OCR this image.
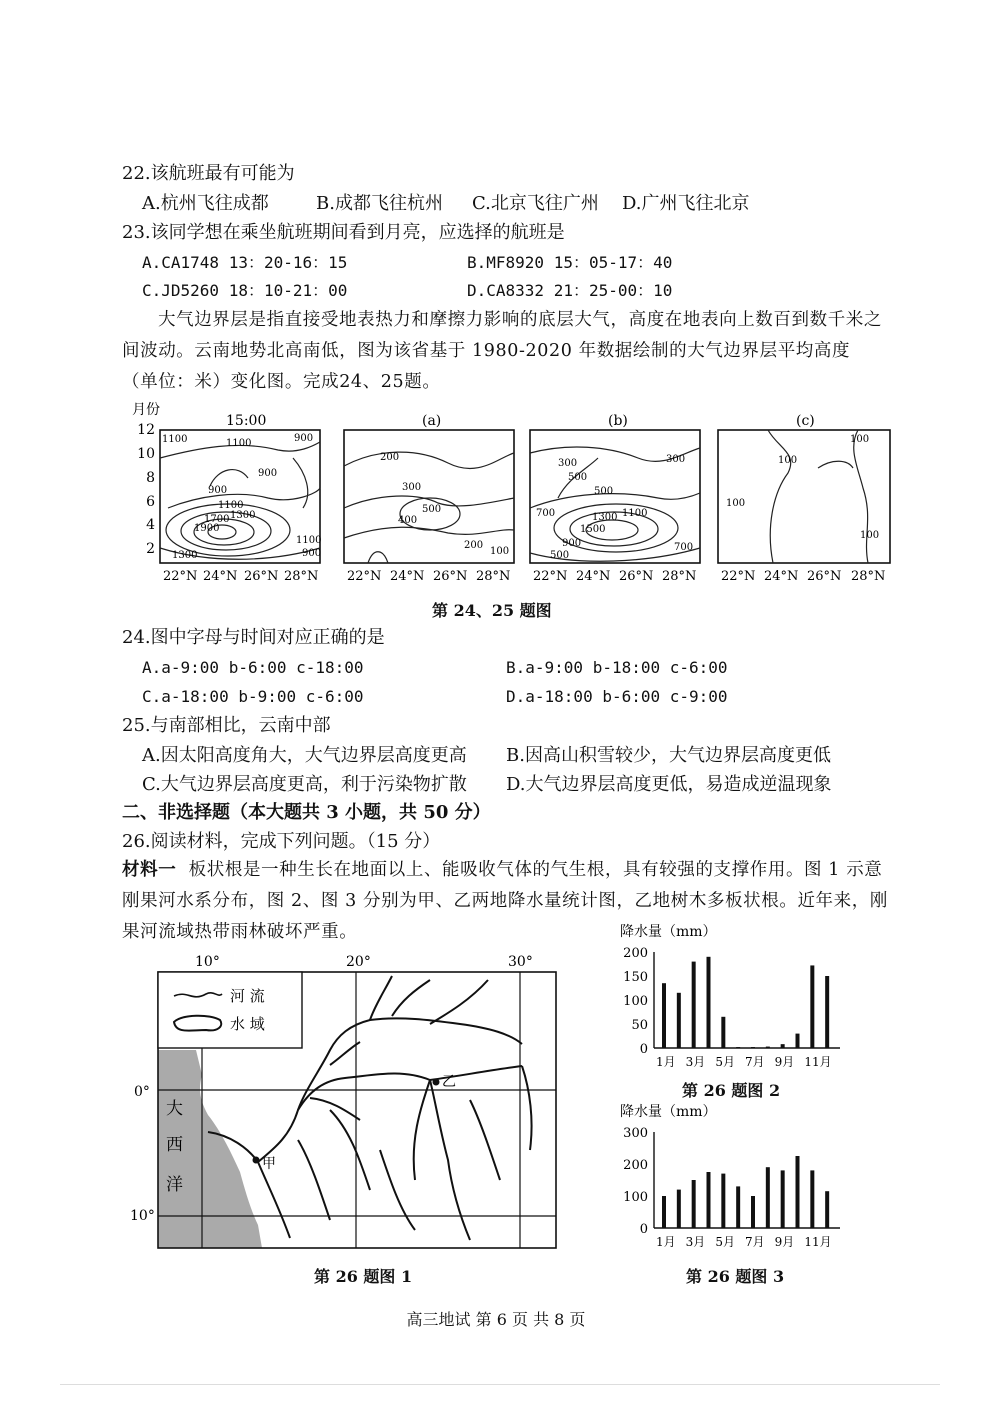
22.该航班最有可能为
A.杭州飞往成都	B.成都飞往杭州 C.北京飞往广州 D.广州飞往北京
23.该同学想在乘坐航班期间看到月亮，应选择的航班是
A.CA1748 13：20-16：15	B.MF8920 15：05-17：40
C.JD5260 18：10-21：00	D.CA8332 21：25-00：10
大气边界层是指直接受地表热力和摩擦力影响的底层大气，高度在地表向上数百到数千米之间波动。云南地势北高南低，图为该省基于 1980-2020 年数据绘制的大气边界层平均高度（单位：米）变化图。完成24、25题。
月份
12
10
8
6
4
2
15:00
1100	1100	900
900
900
1100
1300
1700
1900
1300
1100
900
22°N 24°N 26°N 28°N
(a)
200
300
500
400
200
100
22°N 24°N 26°N 28°N
(b)
500
300
500
700	1300
1500
1100
900
500
700
300
22°N 24°N 26°N 28°N
(c)
100
100
100
100
22°N 24°N 26°N 28°N
第 24、25 题图
24.图中字母与时间对应正确的是
A.a-9:00 b-6:00 c-18:00	B.a-9:00 b-18:00 c-6:00
C.a-18:00 b-9:00 c-6:00	D.a-18:00 b-6:00 c-9:00
25.与南部相比，云南中部
A.因太阳高度角大，大气边界层高度更高 B.因高山积雪较少，大气边界层高度更低
C.大气边界层高度更高，利于污染物扩散 D.大气边界层高度更低，易造成逆温现象
二、非选择题（本大题共 3 小题，共 50 分）
26.阅读材料，完成下列问题。（15 分）
材料一 板状根是一种生长在地面以上、能吸收气体的气生根，具有较强的支撑作用。图 1 示意刚果河水系分布，图 2、图 3 分别为甲、乙两地降水量统计图，乙地树木多板状根。近年来，刚果河流域热带雨林破坏严重。
10°	20°	30°
0°
10°
河 流
水 域
大
西
洋
甲
乙
第 26 题图 1
降水量（mm）
200
150
100
50
0
1月 3月 5月 7月 9月 11月
第 26 题图 2
降水量（mm）
300
200
100
0
1月 3月 5月 7月 9月 11月
第 26 题图 3
高三地试 第 6 页 共 8 页
